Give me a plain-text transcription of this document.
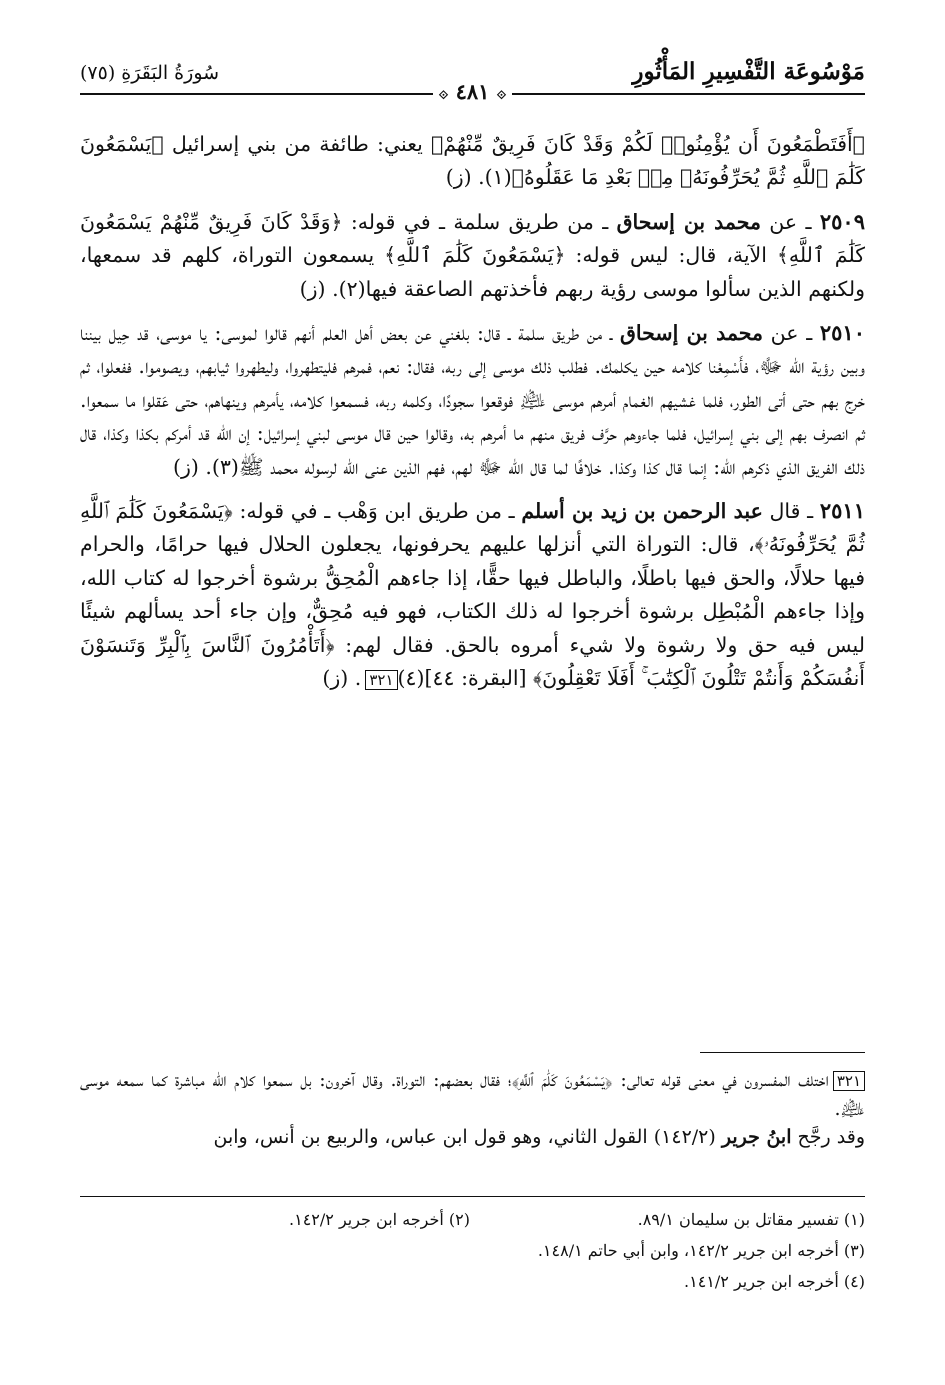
مَوْسُوعَة التَّفْسِيرِ المَأْثُورِ
سُورَةُ البَقَرَةِ (٧٥)
⟐ ٤٨١ ⟐

﴿أَفَتَطْمَعُونَ أَن يُؤْمِنُوا۟ لَكُمْ وَقَدْ كَانَ فَرِيقٌ مِّنْهُمْ﴾ يعني: طائفة من بني إسرائيل ﴿يَسْمَعُونَ كَلَٰمَ ٱللَّهِ ثُمَّ يُحَرِّفُونَهُۥ مِنۢ بَعْدِ مَا عَقَلُوهُ﴾(١). (ز)

٢٥٠٩ ـ عن محمد بن إسحاق ـ من طريق سلمة ـ في قوله: ﴿وَقَدْ كَانَ فَرِيقٌ مِّنْهُمْ يَسْمَعُونَ كَلَٰمَ ٱللَّهِ﴾ الآية، قال: ليس قوله: ﴿يَسْمَعُونَ كَلَٰمَ ٱللَّهِ﴾ يسمعون التوراة، كلهم قد سمعها، ولكنهم الذين سألوا موسى رؤية ربهم فأخذتهم الصاعقة فيها(٢). (ز)

٢٥١٠ ـ عن محمد بن إسحاق ـ من طريق سلمة ـ قال: بلغني عن بعض أهل العلم أنهم قالوا لموسى: يا موسى، قد حِيل بيننا وبين رؤية الله ﷻ، فأَسْمِعْنا كلامه حين يكلمك. فطلب ذلك موسى إلى ربه، فقال: نعم، فمرهم فليتطهروا، وليطهروا ثيابهم، ويصوموا. ففعلوا، ثم خرج بهم حتى أتى الطور، فلما غشيهم الغمام أمرهم موسى ﵇ فوقعوا سجودًا، وكلمه ربه، فسمعوا كلامه، يأمرهم وينهاهم، حتى عَقلوا ما سمعوا. ثم انصرف بهم إلى بني إسرائيل، فلما جاءوهم حرَّف فريق منهم ما أمرهم به، وقالوا حين قال موسى لبني إسرائيل: إن الله قد أمركم بكذا وكذا، قال ذلك الفريق الذي ذكرهم الله: إنما قال كذا وكذا. خلافًا لما قال الله ﷻ لهم، فهم الذين عنى الله لرسوله محمد ﷺ(٣). (ز)

٢٥١١ ـ قال عبد الرحمن بن زيد بن أسلم ـ من طريق ابن وَهْب ـ في قوله: ﴿يَسْمَعُونَ كَلَٰمَ ٱللَّهِ ثُمَّ يُحَرِّفُونَهُۥ﴾، قال: التوراة التي أنزلها عليهم يحرفونها، يجعلون الحلال فيها حرامًا، والحرام فيها حلالًا، والحق فيها باطلًا، والباطل فيها حقًّا، إذا جاءهم الْمُحِقُّ برشوة أخرجوا له كتاب الله، وإذا جاءهم الْمُبْطِل برشوة أخرجوا له ذلك الكتاب، فهو فيه مُحِقٌّ، وإن جاء أحد يسألهم شيئًا ليس فيه حق ولا رشوة ولا شيء أمروه بالحق. فقال لهم: ﴿أَتَأْمُرُونَ ٱلنَّاسَ بِٱلْبِرِّ وَتَنسَوْنَ أَنفُسَكُمْ وَأَنتُمْ تَتْلُونَ ٱلْكِتَٰبَ ۚ أَفَلَا تَعْقِلُونَ﴾ [البقرة: ٤٤](٤)٣٢١. (ز)

٣٢١اختلف المفسرون في معنى قوله تعالى: ﴿يَسْمَعُونَ كَلَٰمَ ٱللَّهِ﴾؛ فقال بعضهم: التوراة. وقال آخرون: بل سمعوا كلام الله مباشرة كما سمعه موسى ﵇.

وقد رجَّح ابنُ جرير (١٤٢/٢) القول الثاني، وهو قول ابن عباس، والربيع بن أنس، وابن

(١) تفسير مقاتل بن سليمان ٨٩/١.
(٢) أخرجه ابن جرير ١٤٢/٢.
(٣) أخرجه ابن جرير ١٤٢/٢، وابن أبي حاتم ١٤٨/١.
(٤) أخرجه ابن جرير ١٤١/٢.
